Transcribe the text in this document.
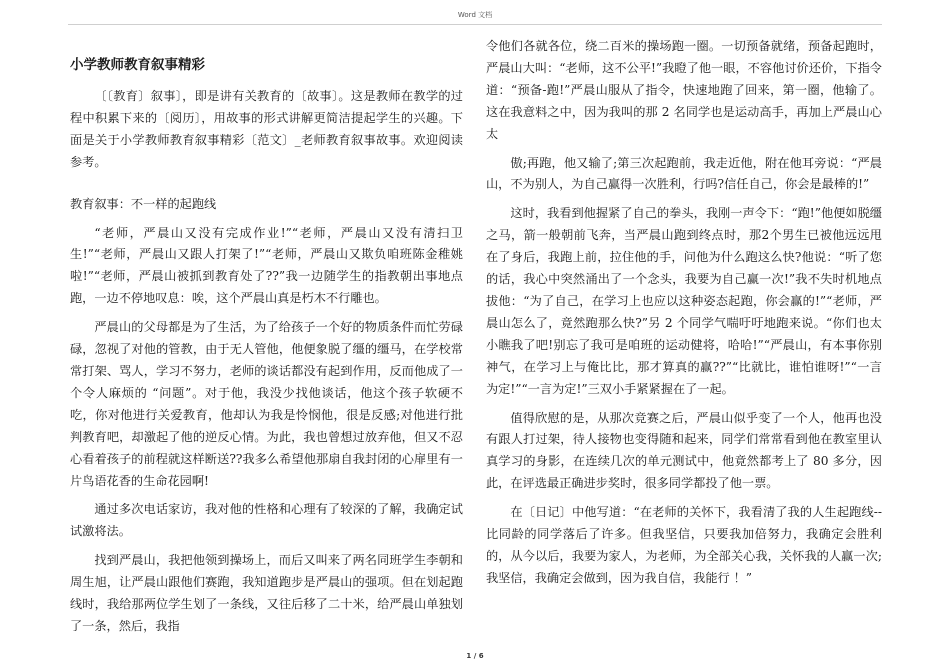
Word 文档
小学教师教育叙事精彩

〔〔教育〕叙事〕，即是讲有关教育的〔故事〕。这是教师在教学的过程中积累下来的〔阅历〕，用故事的形式讲解更简洁提起学生的兴趣。下面是关于小学教师教育叙事精彩〔范文〕_老师教育叙事故事。欢迎阅读参考。

教育叙事：不一样的起跑线

“老师，严晨山又没有完成作业!”“老师，严晨山又没有清扫卫生!”“老师，严晨山又跟人打架了!”“老师，严晨山又欺负咱班陈金稚姚啦!”“老师，严晨山被抓到教育处了??”我一边随学生的指教朝出事地点跑，一边不停地叹息：唉，这个严晨山真是朽木不行雕也。

严晨山的父母都是为了生活，为了给孩子一个好的物质条件而忙劳碌碌，忽视了对他的管教，由于无人管他，他便象脱了缰的缰马，在学校常常打架、骂人，学习不努力，老师的谈话都没有起到作用，反而他成了一个令人麻烦的 “问题”。对于他，我没少找他谈话，他这个孩子软硬不吃，你对他进行关爱教育，他却认为我是怜悯他，很是反感;对他进行批判教育吧，却激起了他的逆反心情。为此，我也曾想过放弃他，但又不忍心看着孩子的前程就这样断送??我多么希望他那扇自我封闭的心扉里有一片鸟语花香的生命花园啊!

通过多次电话家访，我对他的性格和心理有了较深的了解，我确定试试激将法。

找到严晨山，我把他领到操场上，而后又叫来了两名同班学生李朝和周生旭，让严晨山跟他们赛跑，我知道跑步是严晨山的强项。但在划起跑线时，我给那两位学生划了一条线，又往后移了二十米，给严晨山单独划了一条，然后，我指

令他们各就各位，绕二百米的操场跑一圈。一切预备就绪，预备起跑时，严晨山大叫：“老师，这不公平!”我瞪了他一眼，不容他讨价还价，下指令道：“预备-跑!”严晨山服从了指令，快速地跑了回来，第一圈，他输了。这在我意料之中，因为我叫的那 2 名同学也是运动高手，再加上严晨山心太

傲;再跑，他又输了;第三次起跑前，我走近他，附在他耳旁说：“严晨山，不为别人，为自己赢得一次胜利，行吗?信任自己，你会是最棒的!”

这时，我看到他握紧了自己的拳头，我刚一声令下：“跑!”他便如脱缰之马，箭一般朝前飞奔，当严晨山跑到终点时，那2个男生已被他远远甩在了身后，我跑上前，拉住他的手，问他为什么跑这么快?他说：“听了您的话，我心中突然涌出了一个念头，我要为自己赢一次!”我不失时机地点拔他：“为了自己，在学习上也应以这种姿态起跑，你会赢的!”“老师，严晨山怎么了，竟然跑那么快?”另 2 个同学气喘吁吁地跑来说。“你们也太小瞧我了吧!别忘了我可是咱班的运动健将，哈哈!”“严晨山，有本事你别神气，在学习上与俺比比，那才算真的赢??”“比就比，谁怕谁呀!”“一言为定!”“一言为定!”三双小手紧紧握在了一起。

值得欣慰的是，从那次竞赛之后，严晨山似乎变了一个人，他再也没有跟人打过架，待人接物也变得随和起来，同学们常常看到他在教室里认真学习的身影，在连续几次的单元测试中，他竟然都考上了 80 多分，因此，在评选最正确进步奖时，很多同学都投了他一票。

在〔日记〕中他写道：“在老师的关怀下，我看清了我的人生起跑线--比同龄的同学落后了许多。但我坚信，只要我加倍努力，我确定会胜利的，从今以后，我要为家人，为老师，为全部关心我，关怀我的人赢一次;我坚信，我确定会做到，因为我自信，我能行 ！”

1 / 6
